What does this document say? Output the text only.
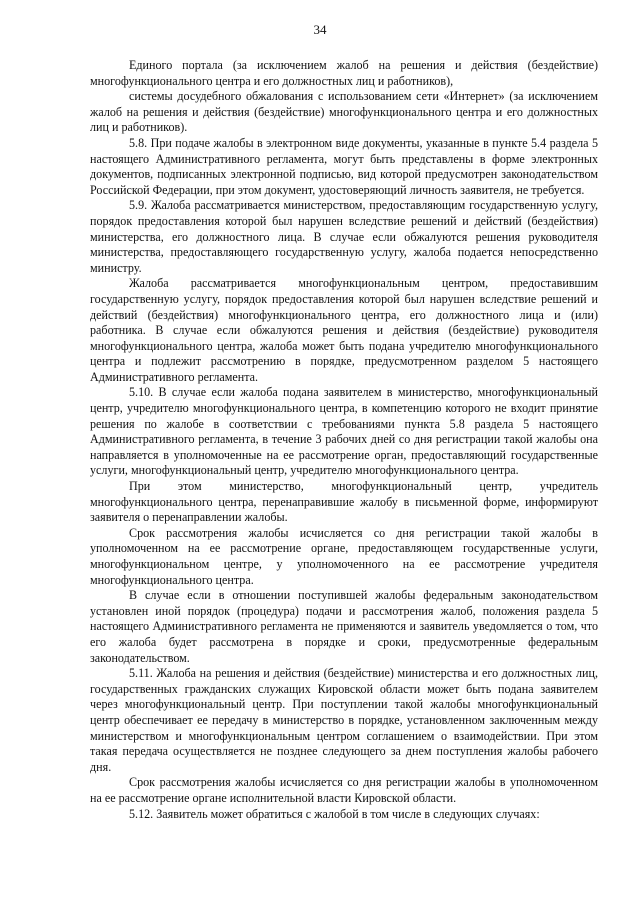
34

Единого портала (за исключением жалоб на решения и действия (бездействие) многофункционального центра и его должностных лиц и работников),

системы досудебного обжалования с использованием сети «Интернет» (за исключением жалоб на решения и действия (бездействие) многофункционального центра и его должностных лиц и работников).

5.8. При подаче жалобы в электронном виде документы, указанные в пункте 5.4 раздела 5 настоящего Административного регламента, могут быть представлены в форме электронных документов, подписанных электронной подписью, вид которой предусмотрен законодательством Российской Федерации, при этом документ, удостоверяющий личность заявителя, не требуется.

5.9. Жалоба рассматривается министерством, предоставляющим государственную услугу, порядок предоставления которой был нарушен вследствие решений и действий (бездействия) министерства, его должностного лица. В случае если обжалуются решения руководителя министерства, предоставляющего государственную услугу, жалоба подается непосредственно министру.

Жалоба рассматривается многофункциональным центром, предоставившим государственную услугу, порядок предоставления которой был нарушен вследствие решений и действий (бездействия) многофункционального центра, его должностного лица и (или) работника. В случае если обжалуются решения и действия (бездействие) руководителя многофункционального центра, жалоба может быть подана учредителю многофункционального центра и подлежит рассмотрению в порядке, предусмотренном разделом 5 настоящего Административного регламента.

5.10. В случае если жалоба подана заявителем в министерство, многофункциональный центр, учредителю многофункционального центра, в компетенцию которого не входит принятие решения по жалобе в соответствии с требованиями пункта 5.8 раздела 5 настоящего Административного регламента, в течение 3 рабочих дней со дня регистрации такой жалобы она направляется в уполномоченные на ее рассмотрение орган, предоставляющий государственные услуги, многофункциональный центр, учредителю многофункционального центра.

При этом министерство, многофункциональный центр, учредитель многофункционального центра, перенаправившие жалобу в письменной форме, информируют заявителя о перенаправлении жалобы.

Срок рассмотрения жалобы исчисляется со дня регистрации такой жалобы в уполномоченном на ее рассмотрение органе, предоставляющем государственные услуги, многофункциональном центре, у уполномоченного на ее рассмотрение учредителя многофункционального центра.

В случае если в отношении поступившей жалобы федеральным законодательством установлен иной порядок (процедура) подачи и рассмотрения жалоб, положения раздела 5 настоящего Административного регламента не применяются и заявитель уведомляется о том, что его жалоба будет рассмотрена в порядке и сроки, предусмотренные федеральным законодательством.

5.11. Жалоба на решения и действия (бездействие) министерства и его должностных лиц, государственных гражданских служащих Кировской области может быть подана заявителем через многофункциональный центр. При поступлении такой жалобы многофункциональный центр обеспечивает ее передачу в министерство в порядке, установленном заключенным между министерством и многофункциональным центром соглашением о взаимодействии. При этом такая передача осуществляется не позднее следующего за днем поступления жалобы рабочего дня.

Срок рассмотрения жалобы исчисляется со дня регистрации жалобы в уполномоченном на ее рассмотрение органе исполнительной власти Кировской области.

5.12. Заявитель может обратиться с жалобой в том числе в следующих случаях:
